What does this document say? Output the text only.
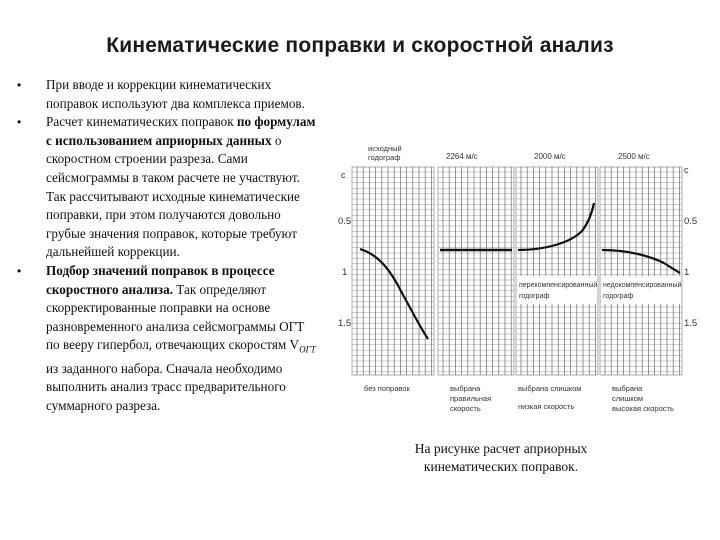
Кинематические поправки и скоростной анализ
• При вводе и коррекции кинематических поправок используют два комплекса приемов.
• Расчет кинематических поправок по формулам с использованием априорных данных о скоростном строении разреза. Сами сейсмограммы в таком расчете не участвуют. Так рассчитывают исходные кинематические поправки, при этом получаются довольно грубые значения поправок, которые требуют дальнейшей коррекции.
• Подбор значений поправок в процессе скоростного анализа. Так определяют скорректированные поправки на основе разновременного анализа сейсмограммы ОГТ по вееру гипербол, отвечающих скоростям $V_{ОГТ}$ из заданного набора. Сначала необходимо выполнить анализ трасс предварительного суммарного разреза.
исходный
годограф	2264 м/с	2000 м/с	2500 м/с
с	с
0.5
1
1.5
0.5
1
1.5
перекомпенсированный
годограф
недокомпенсированный
годограф
без поправок	выбрана
правильная
скорость
выбрана слишком
низкая скорость
выбрана
слишком
высокая скорость
На рисунке расчет априорных
кинематических поправок.
